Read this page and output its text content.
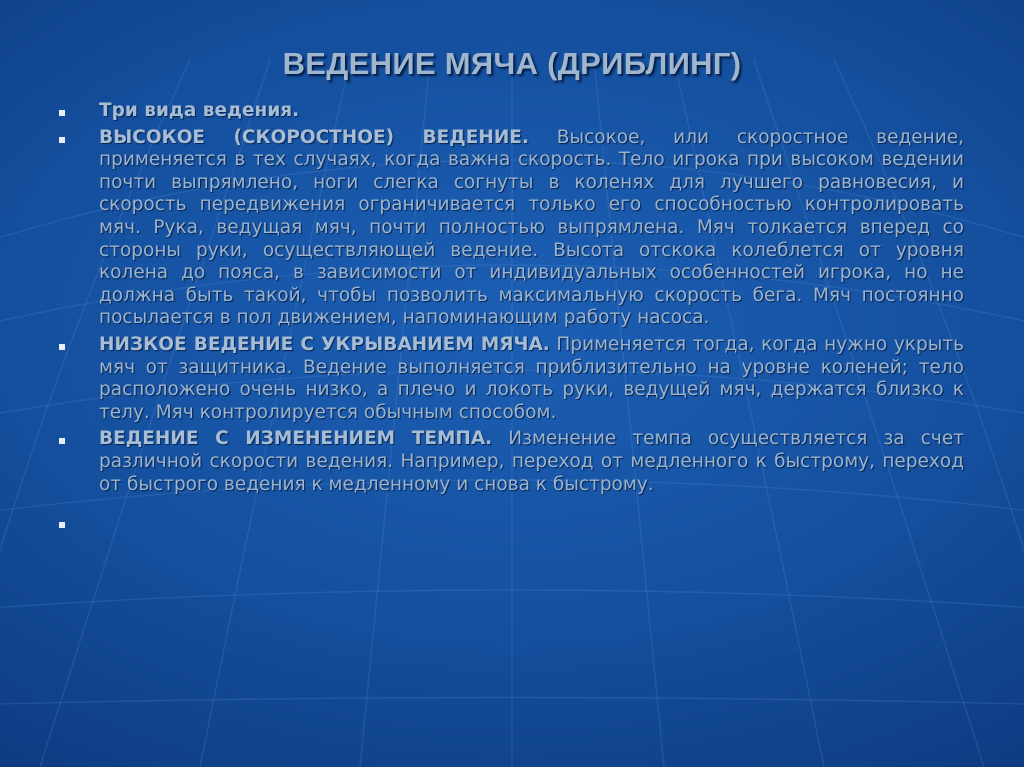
ВЕДЕНИЕ МЯЧА (ДРИБЛИНГ)

Три вида ведения.

ВЫСОКОЕ (СКОРОСТНОЕ) ВЕДЕНИЕ. Высокое, или скоростное ведение, применяется в тех случаях, когда важна скорость. Тело игрока при высоком ведении почти выпрямлено, ноги слегка согнуты в коленях для лучшего равновесия, и скорость передвижения ограничивается только его способностью контролировать мяч. Рука, ведущая мяч, почти полностью выпрямлена. Мяч толкается вперед со стороны руки, осуществляющей ведение. Высота отскока колеблется от уровня колена до пояса, в зависимости от индивидуальных особенностей игрока, но не должна быть такой, чтобы позволить максимальную скорость бега. Мяч постоянно посылается в пол движением, напоминающим работу насоса.

НИЗКОЕ ВЕДЕНИЕ С УКРЫВАНИЕМ МЯЧА. Применяется тогда, когда нужно укрыть мяч от защитника. Ведение выполняется приблизительно на уровне коленей; тело расположено очень низко, а плечо и локоть руки, ведущей мяч, держатся близко к телу. Мяч контролируется обычным способом.

ВЕДЕНИЕ С ИЗМЕНЕНИЕМ ТЕМПА. Изменение темпа осуществляется за счет различной скорости ведения. Например, переход от медленного к быстрому, переход от быстрого ведения к медленному и снова к быстрому.
